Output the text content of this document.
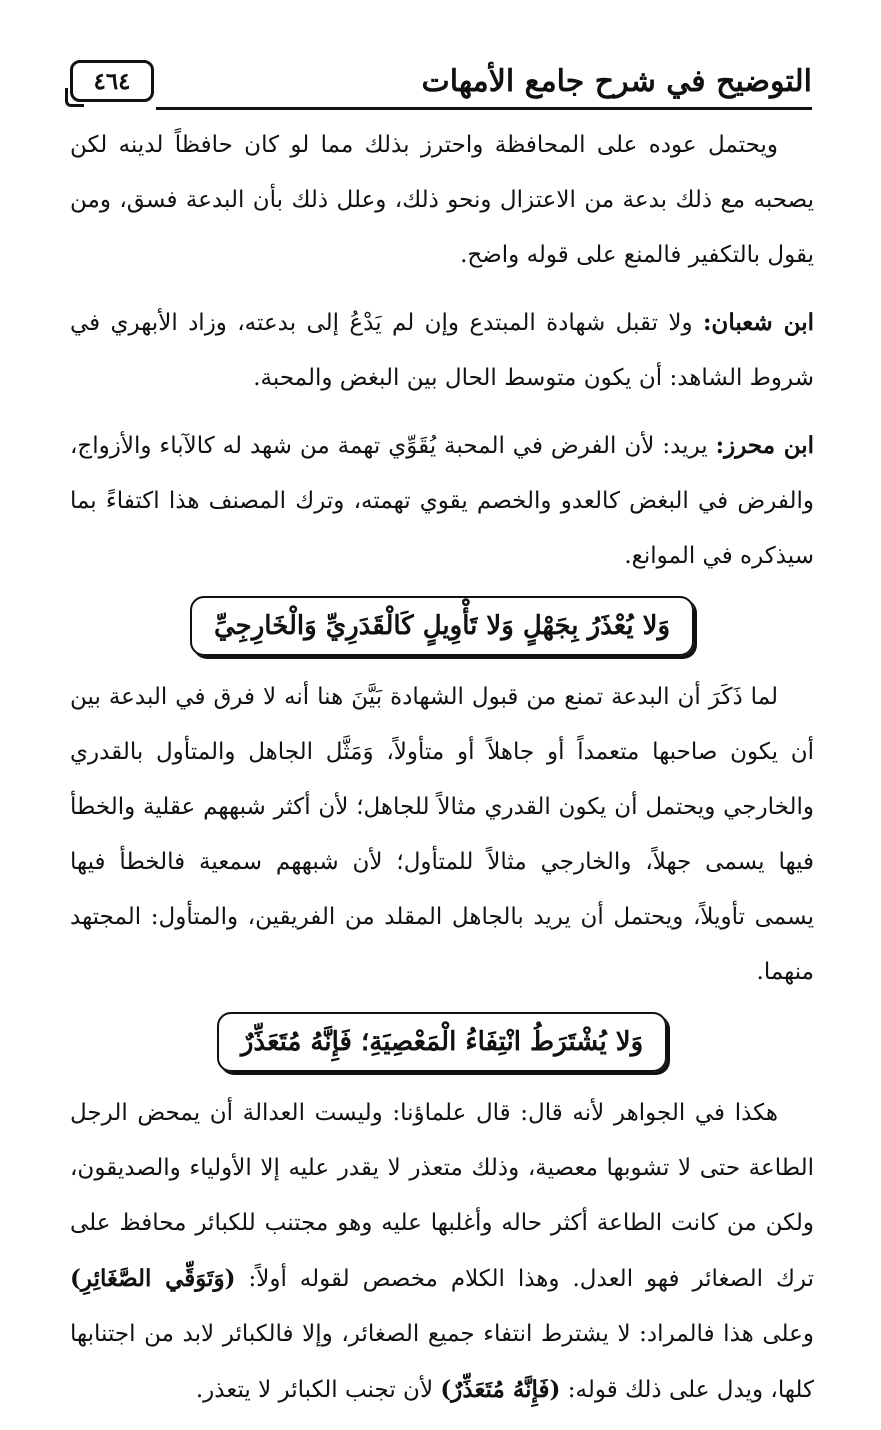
التوضيح في شرح جامع الأمهات
٤٦٤

ويحتمل عوده على المحافظة واحترز بذلك مما لو كان حافظاً لدينه لكن يصحبه مع ذلك بدعة من الاعتزال ونحو ذلك، وعلل ذلك بأن البدعة فسق، ومن يقول بالتكفير فالمنع على قوله واضح.

ابن شعبان: ولا تقبل شهادة المبتدع وإن لم يَدْعُ إلى بدعته، وزاد الأبهري في شروط الشاهد: أن يكون متوسط الحال بين البغض والمحبة.

ابن محرز: يريد: لأن الفرض في المحبة يُقَوِّي تهمة من شهد له كالآباء والأزواج، والفرض في البغض كالعدو والخصم يقوي تهمته، وترك المصنف هذا اكتفاءً بما سيذكره في الموانع.

وَلا يُعْذَرُ بِجَهْلٍ وَلا تَأْوِيلٍ كَالْقَدَرِيِّ وَالْخَارِجِيِّ

لما ذَكَرَ أن البدعة تمنع من قبول الشهادة بَيَّنَ هنا أنه لا فرق في البدعة بين أن يكون صاحبها متعمداً أو جاهلاً أو متأولاً، وَمَثَّل الجاهل والمتأول بالقدري والخارجي ويحتمل أن يكون القدري مثالاً للجاهل؛ لأن أكثر شبههم عقلية والخطأ فيها يسمى جهلاً، والخارجي مثالاً للمتأول؛ لأن شبههم سمعية فالخطأ فيها يسمى تأويلاً، ويحتمل أن يريد بالجاهل المقلد من الفريقين، والمتأول: المجتهد منهما.

وَلا يُشْتَرَطُ انْتِفَاءُ الْمَعْصِيَةِ؛ فَإِنَّهُ مُتَعَذِّرٌ

هكذا في الجواهر لأنه قال: قال علماؤنا: وليست العدالة أن يمحض الرجل الطاعة حتى لا تشوبها معصية، وذلك متعذر لا يقدر عليه إلا الأولياء والصديقون، ولكن من كانت الطاعة أكثر حاله وأغلبها عليه وهو مجتنب للكبائر محافظ على ترك الصغائر فهو العدل. وهذا الكلام مخصص لقوله أولاً: (وَتَوَقِّي الصَّغَائِرِ) وعلى هذا فالمراد: لا يشترط انتفاء جميع الصغائر، وإلا فالكبائر لابد من اجتنابها كلها، ويدل على ذلك قوله: (فَإِنَّهُ مُتَعَذِّرٌ) لأن تجنب الكبائر لا يتعذر.
